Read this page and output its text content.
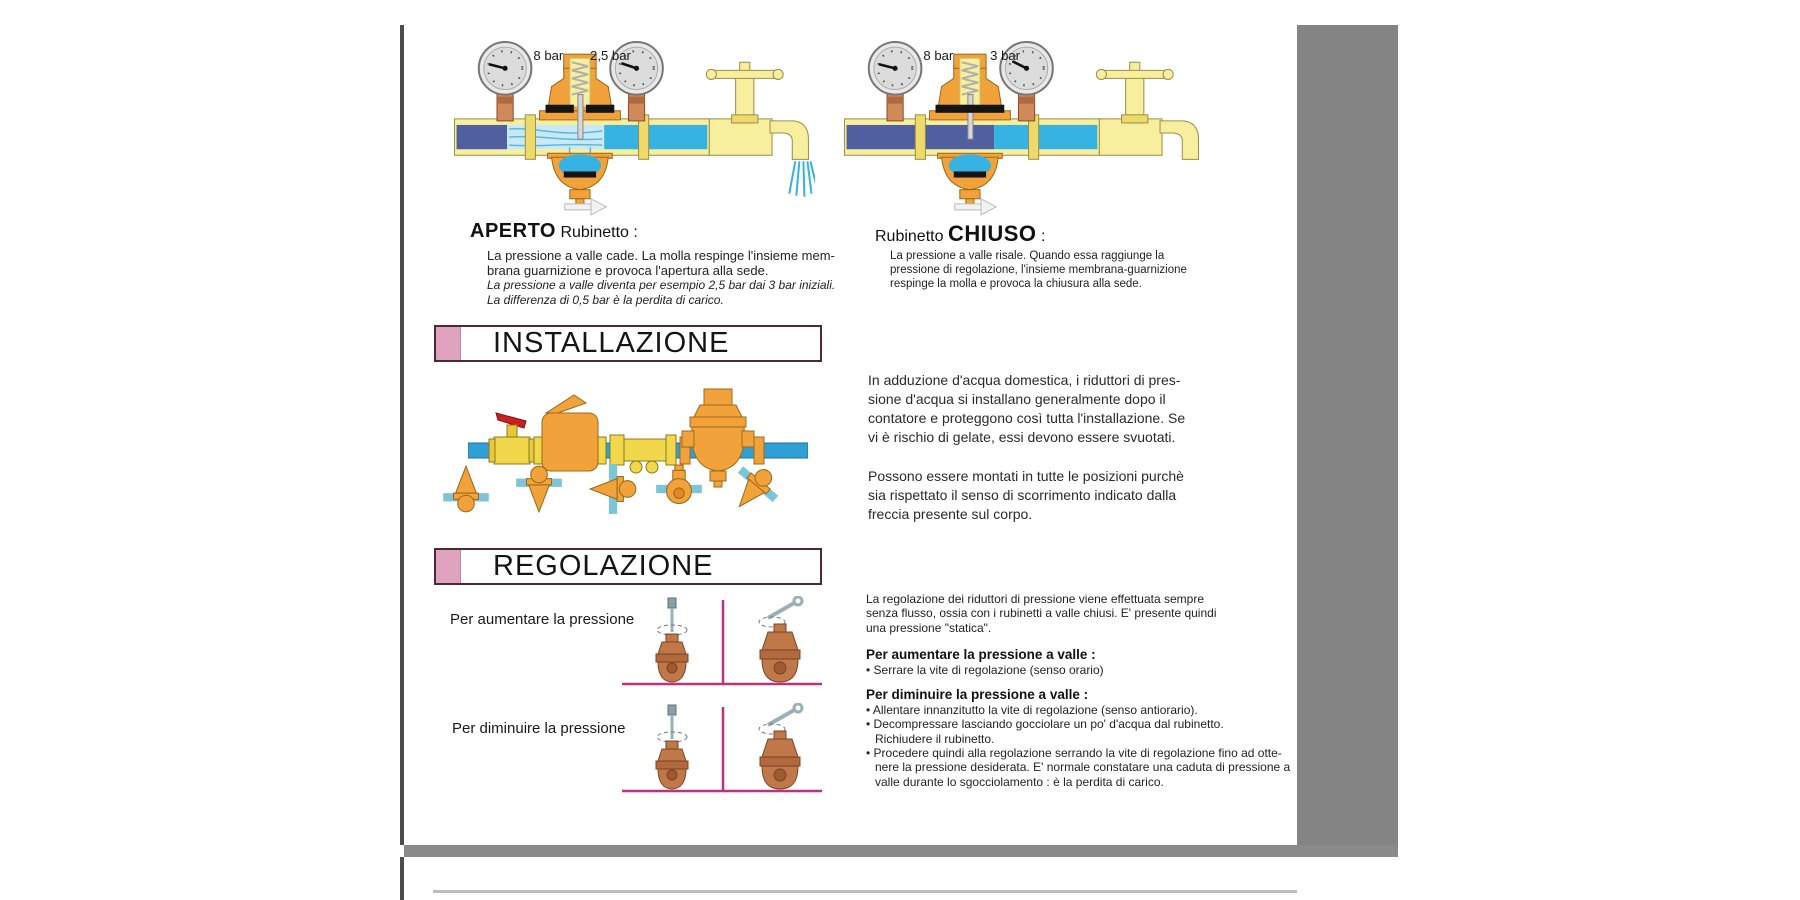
8 bar 2,5 bar	8 bar	3 bar
APERTO Rubinetto :
La pressione a valle cade. La molla respinge l'insieme mem-
brana guarnizione e provoca l'apertura alla sede.
La pressione a valle diventa per esempio 2,5 bar dai 3 bar iniziali.
La differenza di 0,5 bar è la perdita di carico.
Rubinetto CHIUSO :
La pressione a valle risale. Quando essa raggiunge la
pressione di regolazione, l'insieme membrana-guarnizione
respinge la molla e provoca la chiusura alla sede.
INSTALLAZIONE
In adduzione d'acqua domestica, i riduttori di pres-
sione d'acqua si installano generalmente dopo il
contatore e proteggono così tutta l'installazione. Se
vi è rischio di gelate, essi devono essere svuotati.
Possono essere montati in tutte le posizioni purchè
sia rispettato il senso di scorrimento indicato dalla
freccia presente sul corpo.
REGOLAZIONE
Per aumentare la pressione
Per diminuire la pressione
La regolazione dei riduttori di pressione viene effettuata sempre
senza flusso, ossia con i rubinetti a valle chiusi. E' presente quindi
una pressione "statica".
Per aumentare la pressione a valle :
• Serrare la vite di regolazione (senso orario)
Per diminuire la pressione a valle :
• Allentare innanzitutto la vite di regolazione (senso antiorario).
• Decompressare lasciando gocciolare un po' d'acqua dal rubinetto.
Richiudere il rubinetto.
• Procedere quindi alla regolazione serrando la vite di regolazione fino ad otte-
nere la pressione desiderata. E' normale constatare una caduta di pressione a
valle durante lo sgocciolamento : è la perdita di carico.
